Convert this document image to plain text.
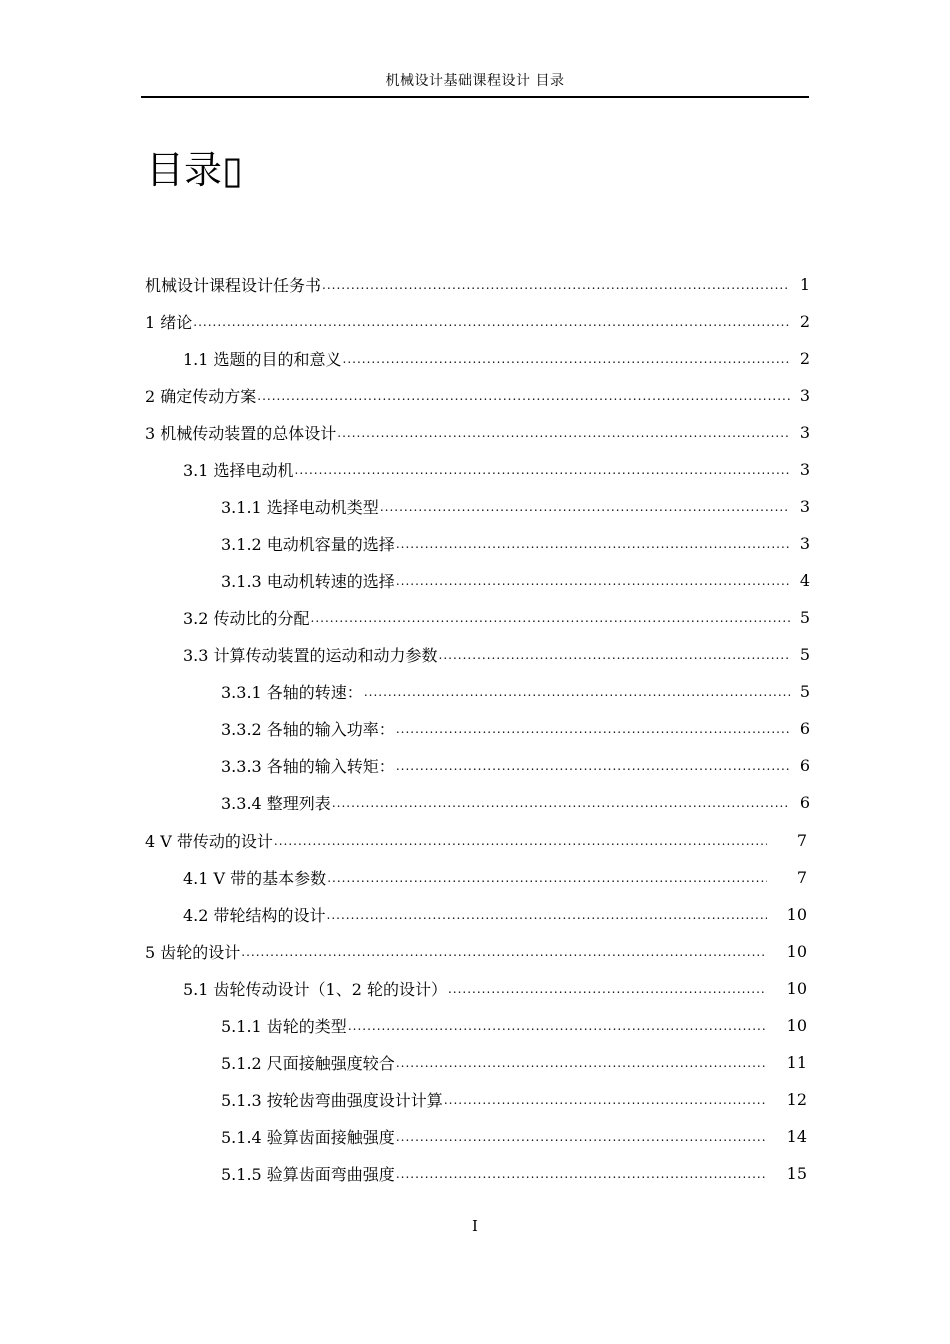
机械设计基础课程设计 目录
目录▯
机械设计课程设计任务书 .....	1
1 绪论 .....	2
1.1 选题的目的和意义 .....	2
2 确定传动方案 .....	3
3 机械传动装置的总体设计 .....	3
3.1 选择电动机 .....	3
3.1.1 选择电动机类型 .....	3
3.1.2 电动机容量的选择 .....	3
3.1.3 电动机转速的选择 .....	4
3.2 传动比的分配 .....	5
3.3 计算传动装置的运动和动力参数 .....	5
3.3.1 各轴的转速： .....	5
3.3.2 各轴的输入功率： .....	6
3.3.3 各轴的输入转矩： .....	6
3.3.4 整理列表 .....	6
4 V 带传动的设计 .....	7
4.1 V 带的基本参数 .....	7
4.2 带轮结构的设计 .....	10
5 齿轮的设计 .....	10
5.1 齿轮传动设计（1、2 轮的设计） .....	10
5.1.1 齿轮的类型 .....	10
5.1.2 尺面接触强度较合 .....	11
5.1.3 按轮齿弯曲强度设计计算 .....	12
5.1.4 验算齿面接触强度 .....	14
5.1.5 验算齿面弯曲强度 .....	15
I
